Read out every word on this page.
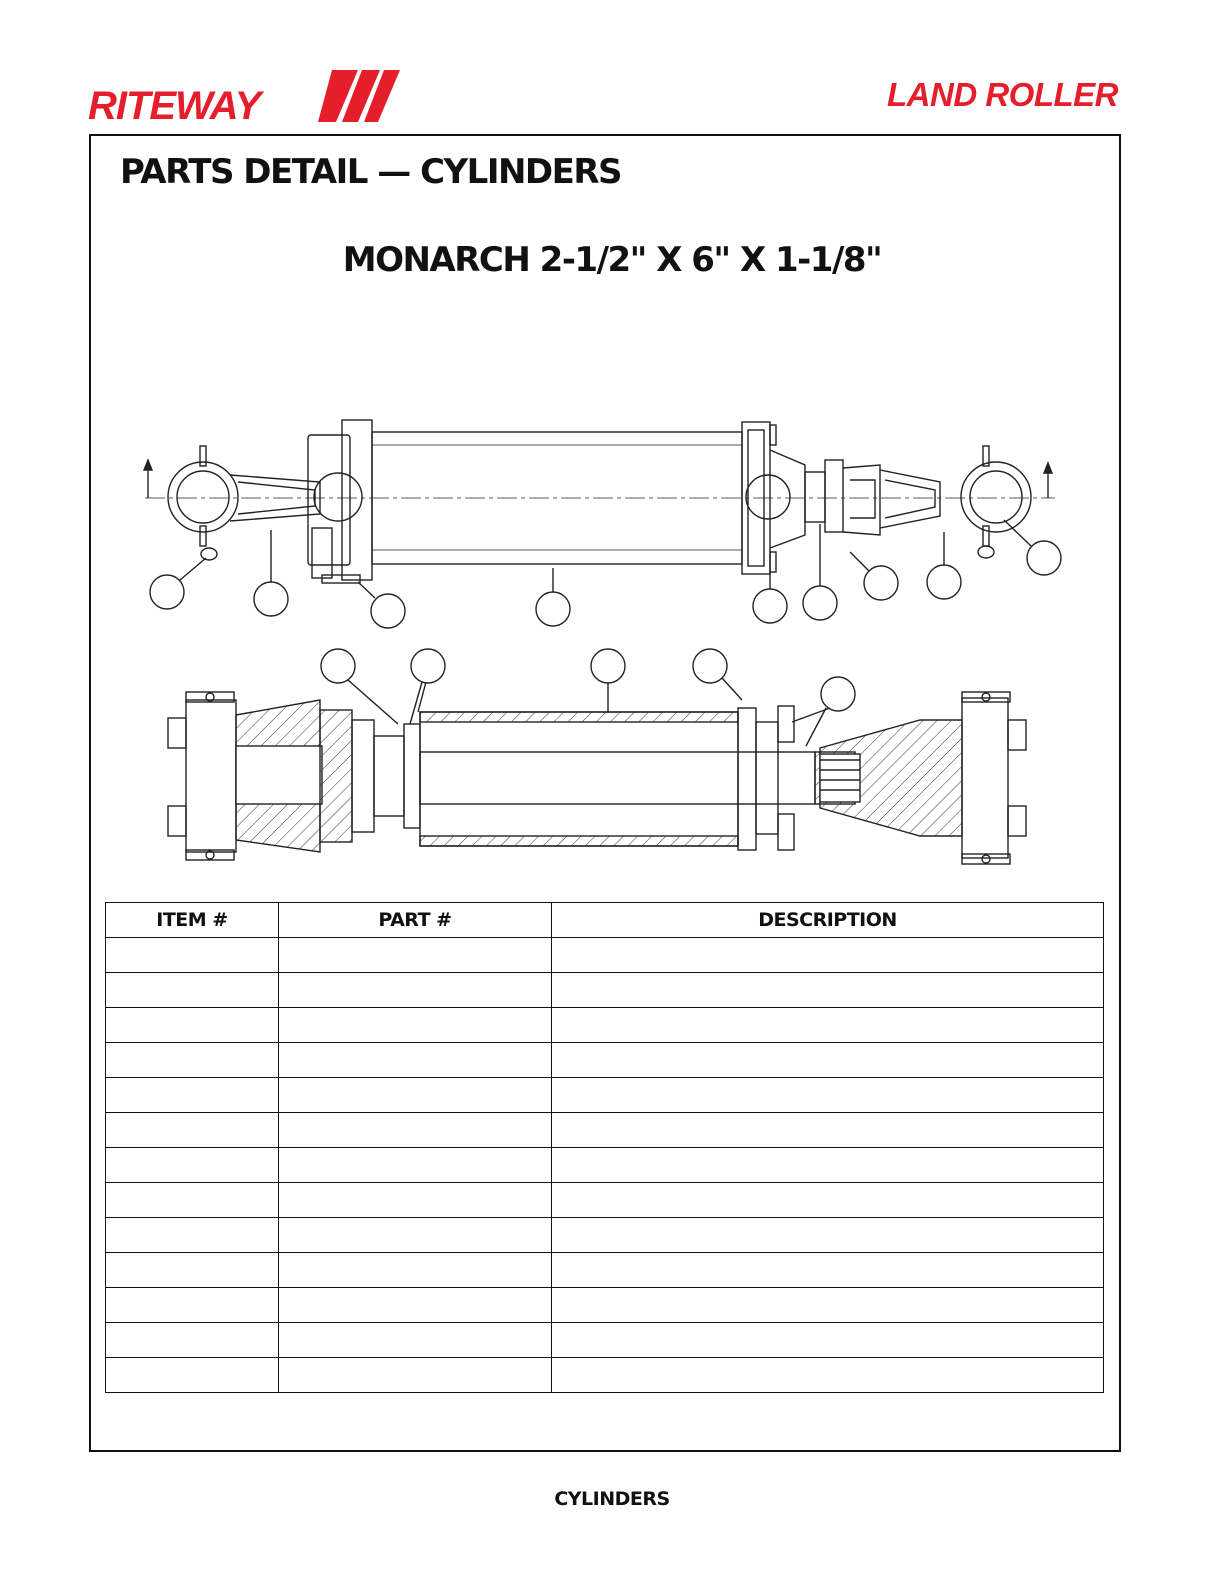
RITEWAY	LAND ROLLER
PARTS DETAIL — CYLINDERS
MONARCH 2-1/2" X 6" X 1-1/8"
ITEM #	PART #	DESCRIPTION

CYLINDERS
